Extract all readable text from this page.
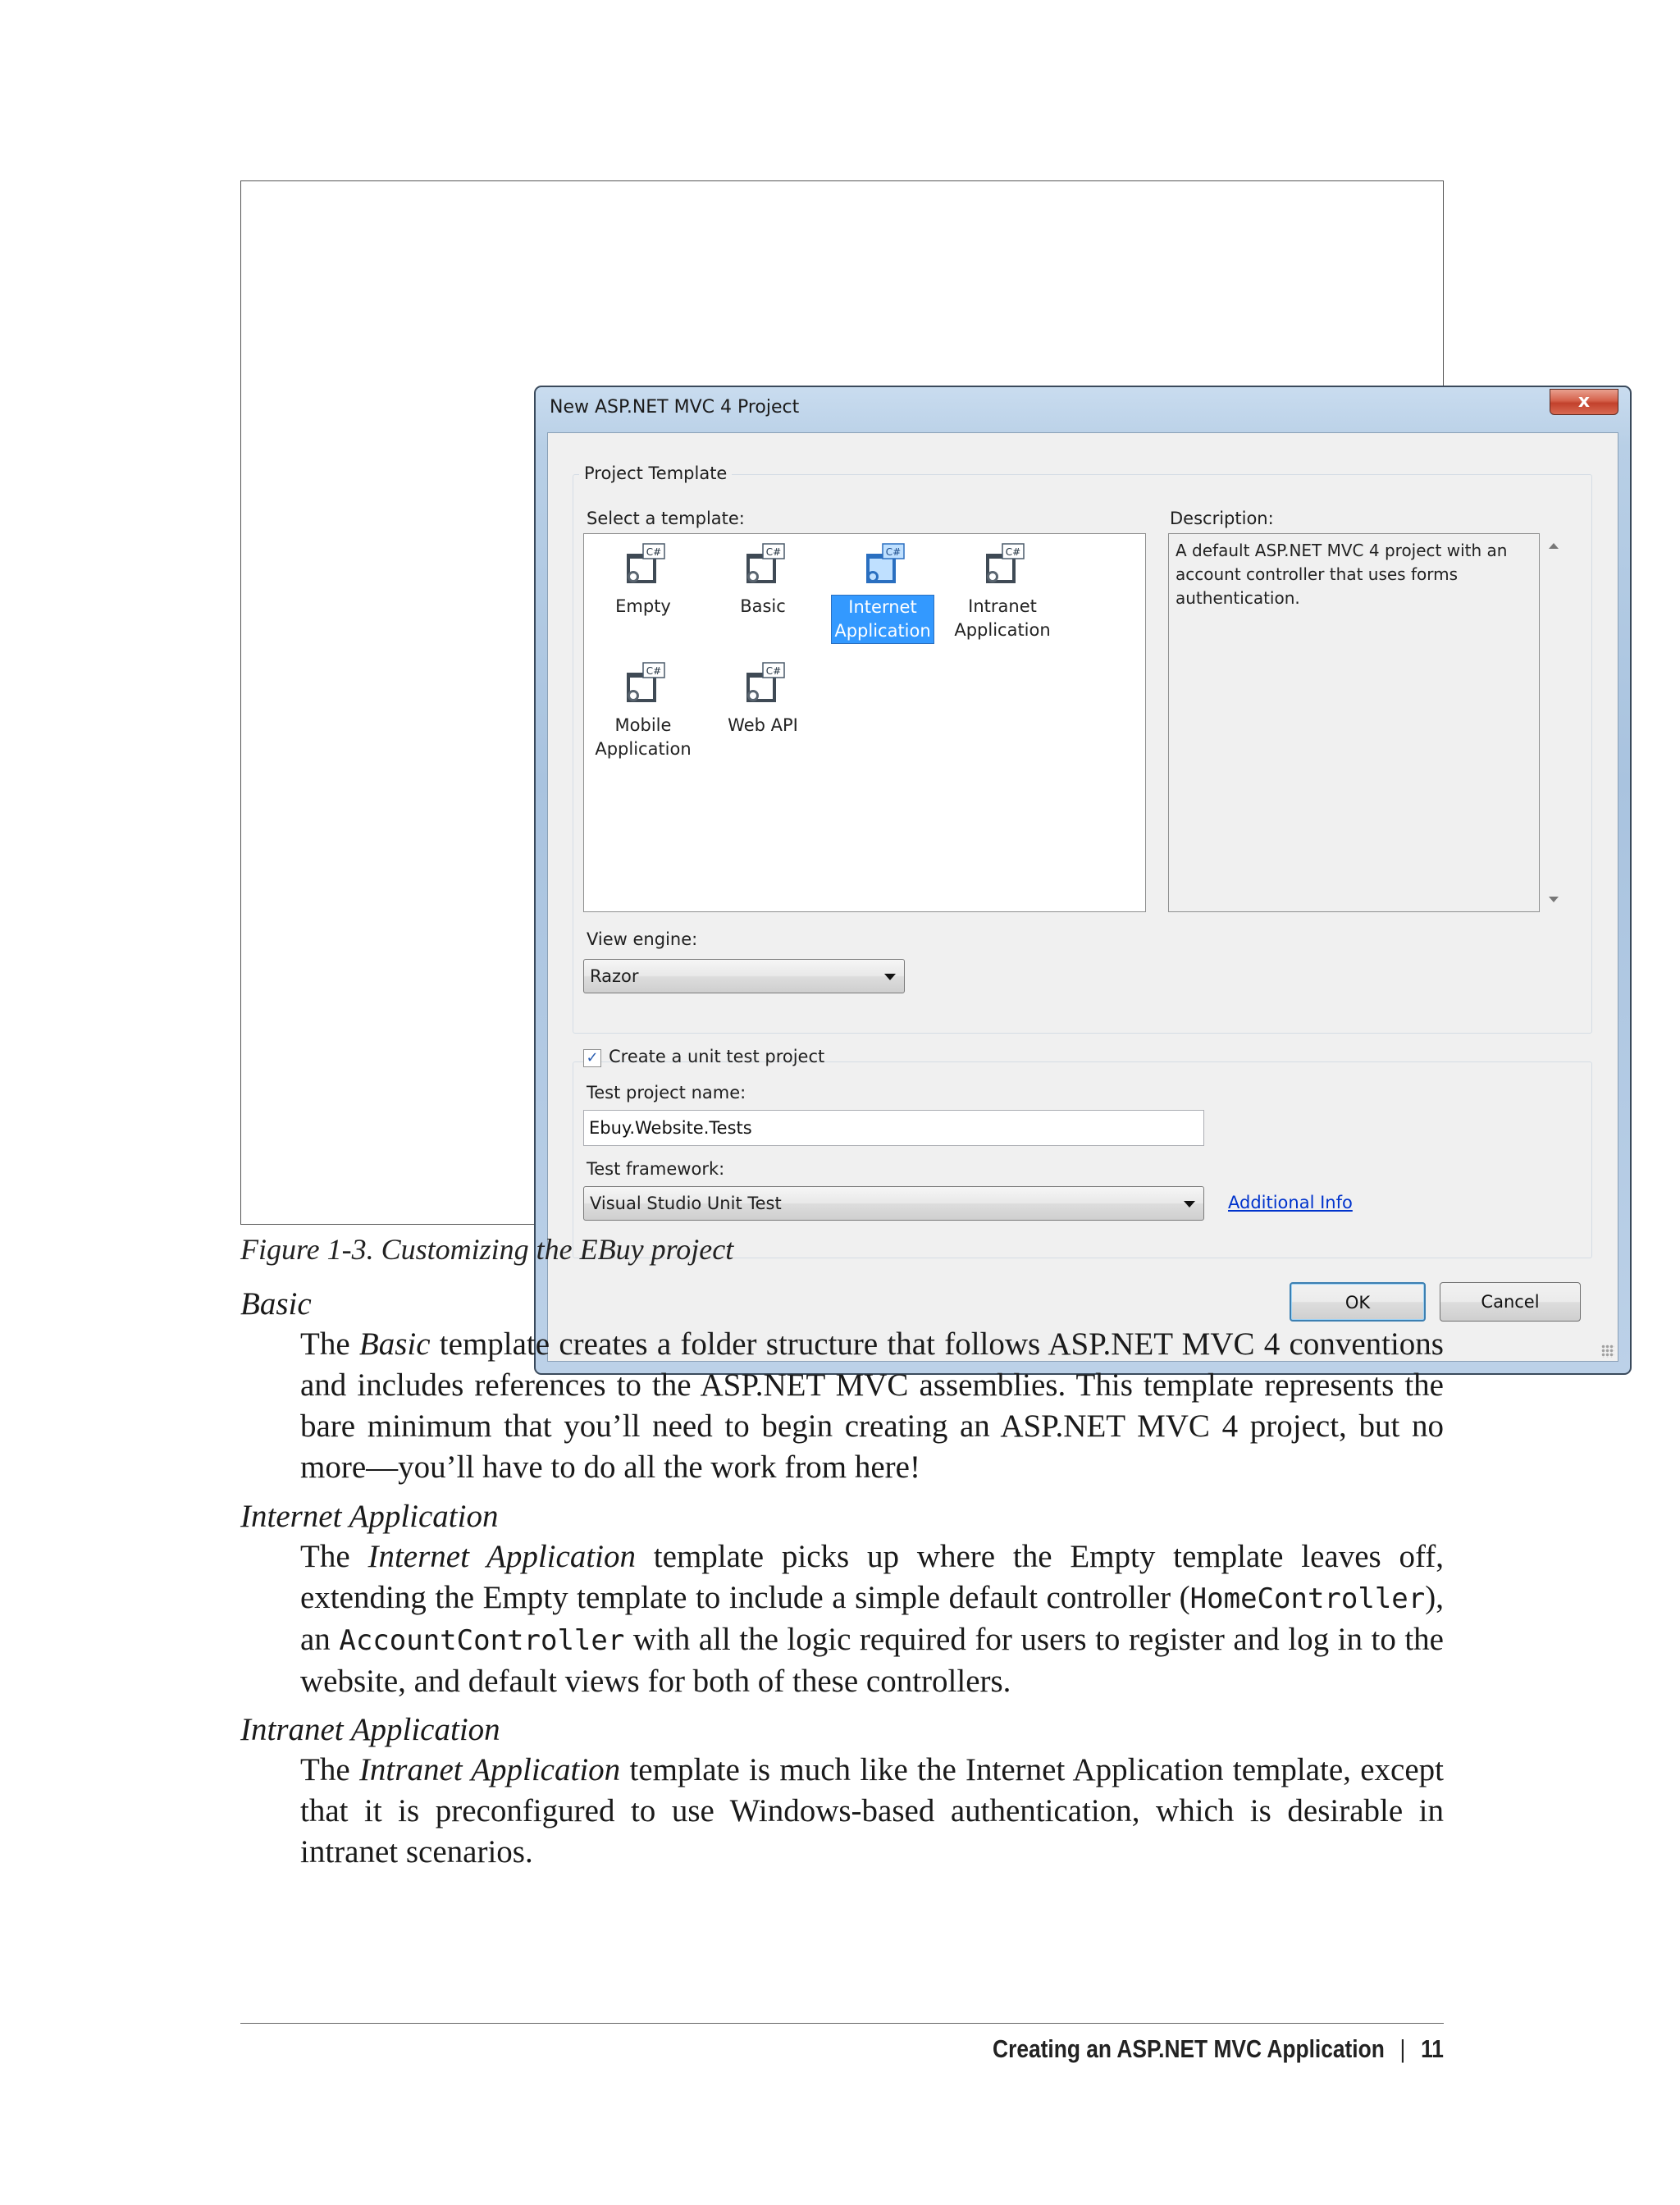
New ASP.NET MVC 4 Project	x
Project Template
Select a template:	Description:
C#
Empty
C#
Basic
C#
Internet
Application
C#
Intranet
Application
C#
Mobile
Application
C#
Web API
A default ASP.NET MVC 4 project with an account controller that uses forms authentication.
View engine:
Razor
✓ Create a unit test project
Test project name:
Ebuy.Website.Tests
Test framework:
Visual Studio Unit Test	Additional Info
OK	Cancel
Figure 1-3. Customizing the EBuy project
Basic
The Basic template creates a folder structure that follows ASP.NET MVC 4 conventions and includes references to the ASP.NET MVC assemblies. This template represents the bare minimum that you’ll need to begin creating an ASP.NET MVC 4 project, but no more—you’ll have to do all the work from here!
Internet Application
The Internet Application template picks up where the Empty template leaves off, extending the Empty template to include a simple default controller (HomeController), an AccountController with all the logic required for users to register and log in to the website, and default views for both of these controllers.
Intranet Application
The Intranet Application template is much like the Internet Application template, except that it is preconfigured to use Windows-based authentication, which is desirable in intranet scenarios.
Creating an ASP.NET MVC Application | 11
